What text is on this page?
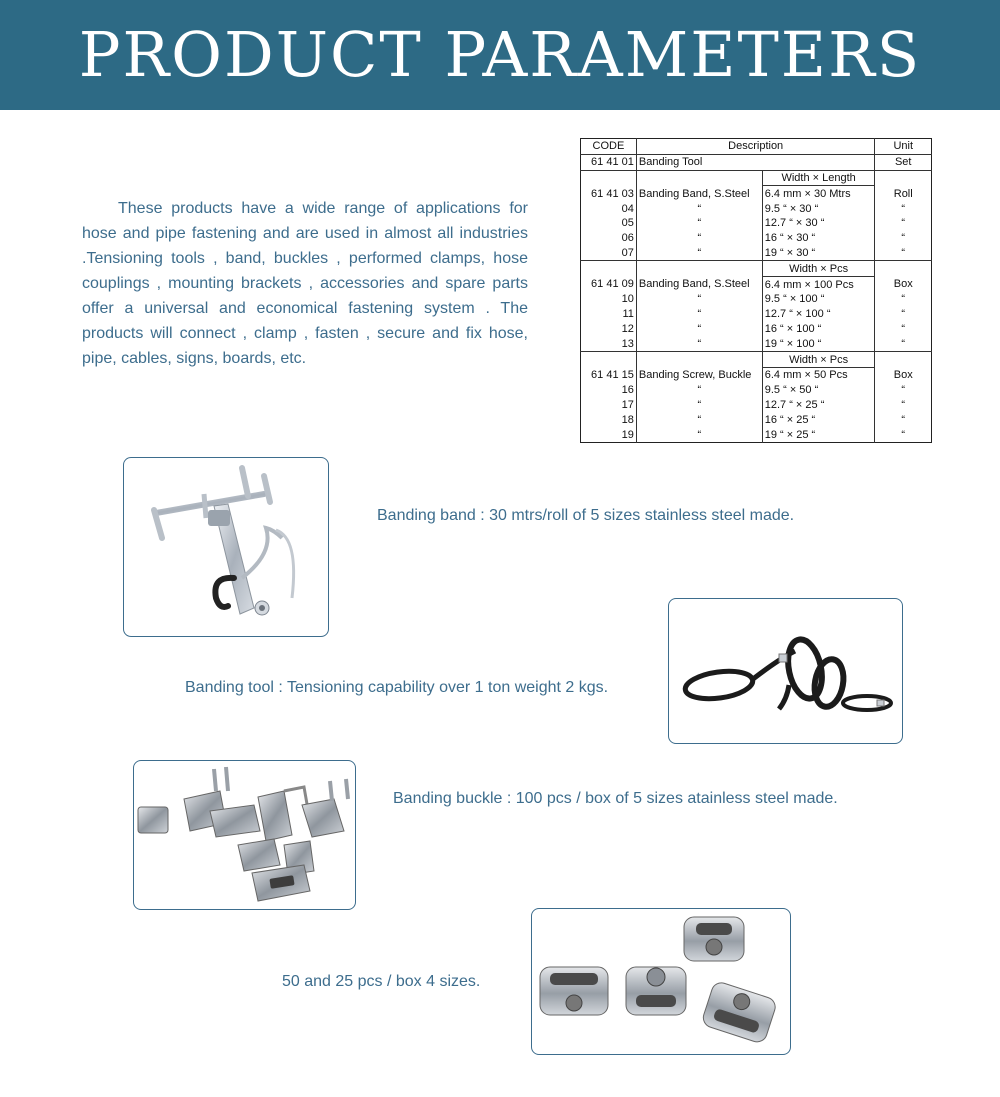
PRODUCT PARAMETERS

These products have a wide range of applications for hose and pipe fastening and are used in almost all industries .Tensioning tools , band, buckles , performed clamps, hose couplings , mounting brackets , accessories and spare parts offer a universal and economical fastening system . The products will connect , clamp , fasten , secure and fix hose, pipe, cables, signs, boards, etc.

CODE	Description		Unit
61 41 01	Banding Tool		Set
		Width × Length	
61 41 03	Banding Band, S.Steel	6.4 mm × 30 Mtrs	Roll
04	“	9.5 “ × 30 “	“
05	“	12.7 “ × 30 “	“
06	“	16 “ × 30 “	“
07	“	19 “ × 30 “	“
		Width × Pcs	
61 41 09	Banding Band, S.Steel	6.4 mm × 100 Pcs	Box
10	“	9.5 “ × 100 “	“
11	“	12.7 “ × 100 “	“
12	“	16 “ × 100 “	“
13	“	19 “ × 100 “	“
		Width × Pcs	
61 41 15	Banding Screw, Buckle	6.4 mm × 50 Pcs	Box
16	“	9.5 “ × 50 “	“
17	“	12.7 “ × 25 “	“
18	“	16 “ × 25 “	“
19	“	19 “ × 25 “	“

Banding band : 30 mtrs/roll of 5 sizes stainless steel made.

Banding tool : Tensioning capability over 1 ton weight 2 kgs.

Banding buckle : 100 pcs / box of 5 sizes atainless steel made.

50 and 25 pcs / box 4 sizes.
